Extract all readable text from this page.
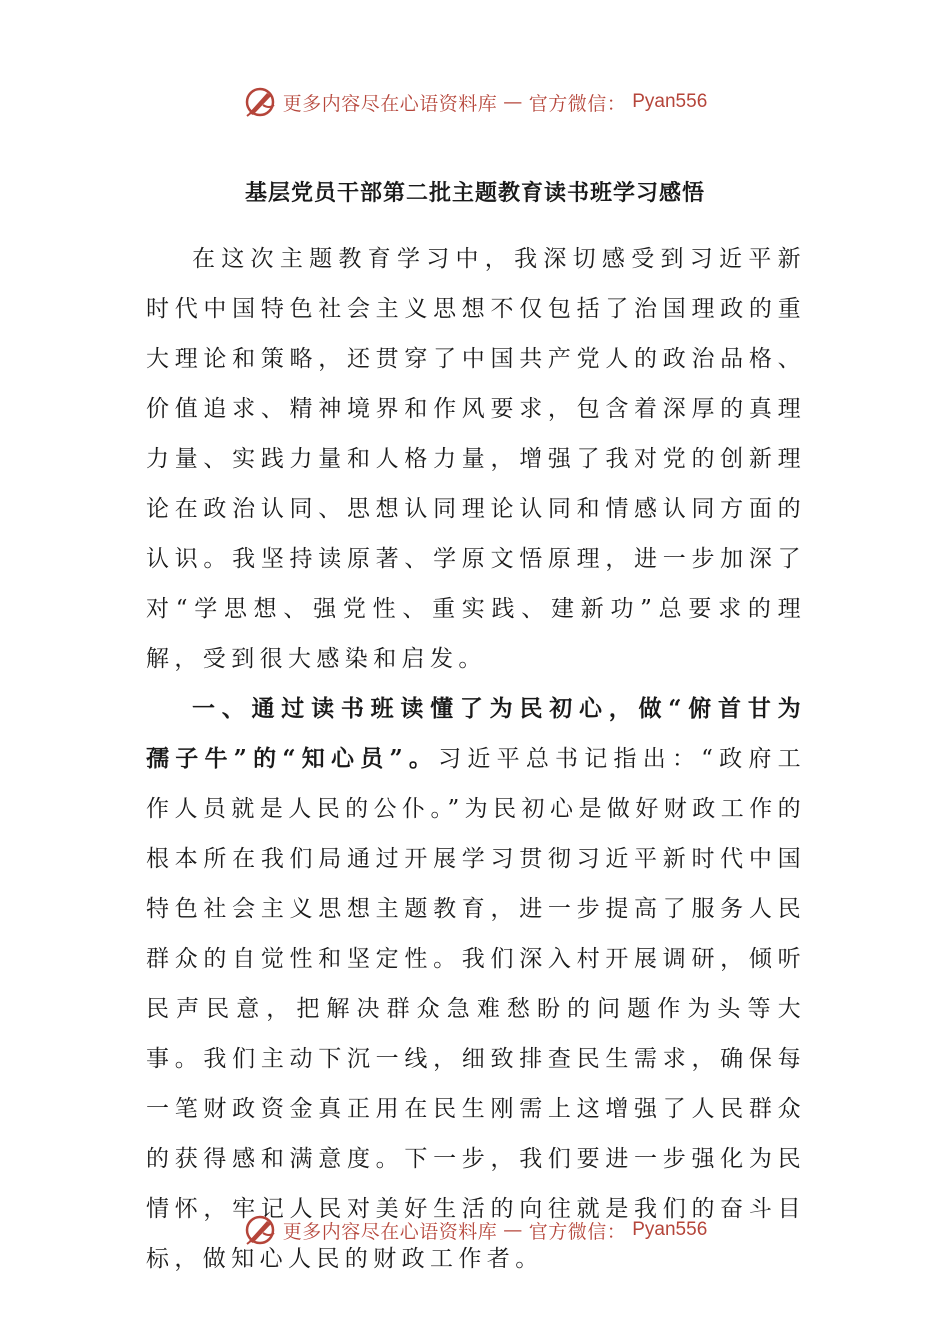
更多内容尽在心语资料库 — 官方微信： Pyan556
基层党员干部第二批主题教育读书班学习感悟

在这次主题教育学习中，我深切感受到习近平新时代中国特色社会主义思想不仅包括了治国理政的重大理论和策略，还贯穿了中国共产党人的政治品格、价值追求、精神境界和作风要求，包含着深厚的真理力量、实践力量和人格力量，增强了我对党的创新理论在政治认同、思想认同理论认同和情感认同方面的认识。我坚持读原著、学原文悟原理，进一步加深了对“学思想、强党性、重实践、建新功”总要求的理解，受到很大感染和启发。

一、通过读书班读懂了为民初心，做“俯首甘为孺子牛”的“知心员”。习近平总书记指出：“政府工作人员就是人民的公仆。”为民初心是做好财政工作的根本所在我们局通过开展学习贯彻习近平新时代中国特色社会主义思想主题教育，进一步提高了服务人民群众的自觉性和坚定性。我们深入村开展调研，倾听民声民意，把解决群众急难愁盼的问题作为头等大事。我们主动下沉一线，细致排查民生需求，确保每一笔财政资金真正用在民生刚需上这增强了人民群众的获得感和满意度。下一步，我们要进一步强化为民情怀，牢记人民对美好生活的向往就是我们的奋斗目标，做知心人民的财政工作者。

更多内容尽在心语资料库 — 官方微信： Pyan556
